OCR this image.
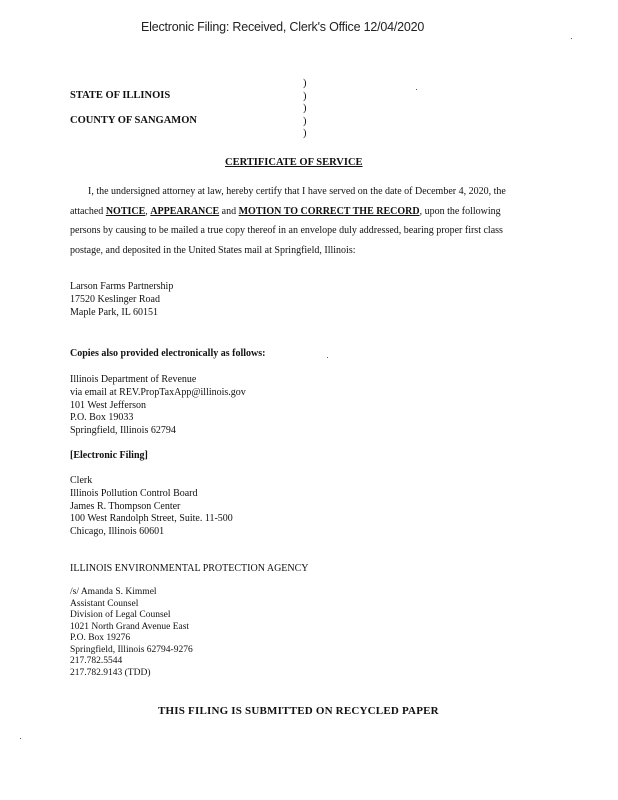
Electronic Filing: Received, Clerk's Office 12/04/2020
STATE OF ILLINOIS
COUNTY OF SANGAMON
)
)
)
)
)
CERTIFICATE OF SERVICE
I, the undersigned attorney at law, hereby certify that I have served on the date of December 4, 2020, the attached NOTICE, APPEARANCE and MOTION TO CORRECT THE RECORD, upon the following persons by causing to be mailed a true copy thereof in an envelope duly addressed, bearing proper first class postage, and deposited in the United States mail at Springfield, Illinois:
Larson Farms Partnership
17520 Keslinger Road
Maple Park, IL 60151
Copies also provided electronically as follows:
Illinois Department of Revenue
via email at REV.PropTaxApp@illinois.gov
101 West Jefferson
P.O. Box 19033
Springfield, Illinois 62794
[Electronic Filing]
Clerk
Illinois Pollution Control Board
James R. Thompson Center
100 West Randolph Street, Suite. 11-500
Chicago, Illinois 60601
ILLINOIS ENVIRONMENTAL PROTECTION AGENCY
/s/ Amanda S. Kimmel
Assistant Counsel
Division of Legal Counsel
1021 North Grand Avenue East
P.O. Box 19276
Springfield, Illinois 62794-9276
217.782.5544
217.782.9143 (TDD)
THIS FILING IS SUBMITTED ON RECYCLED PAPER
